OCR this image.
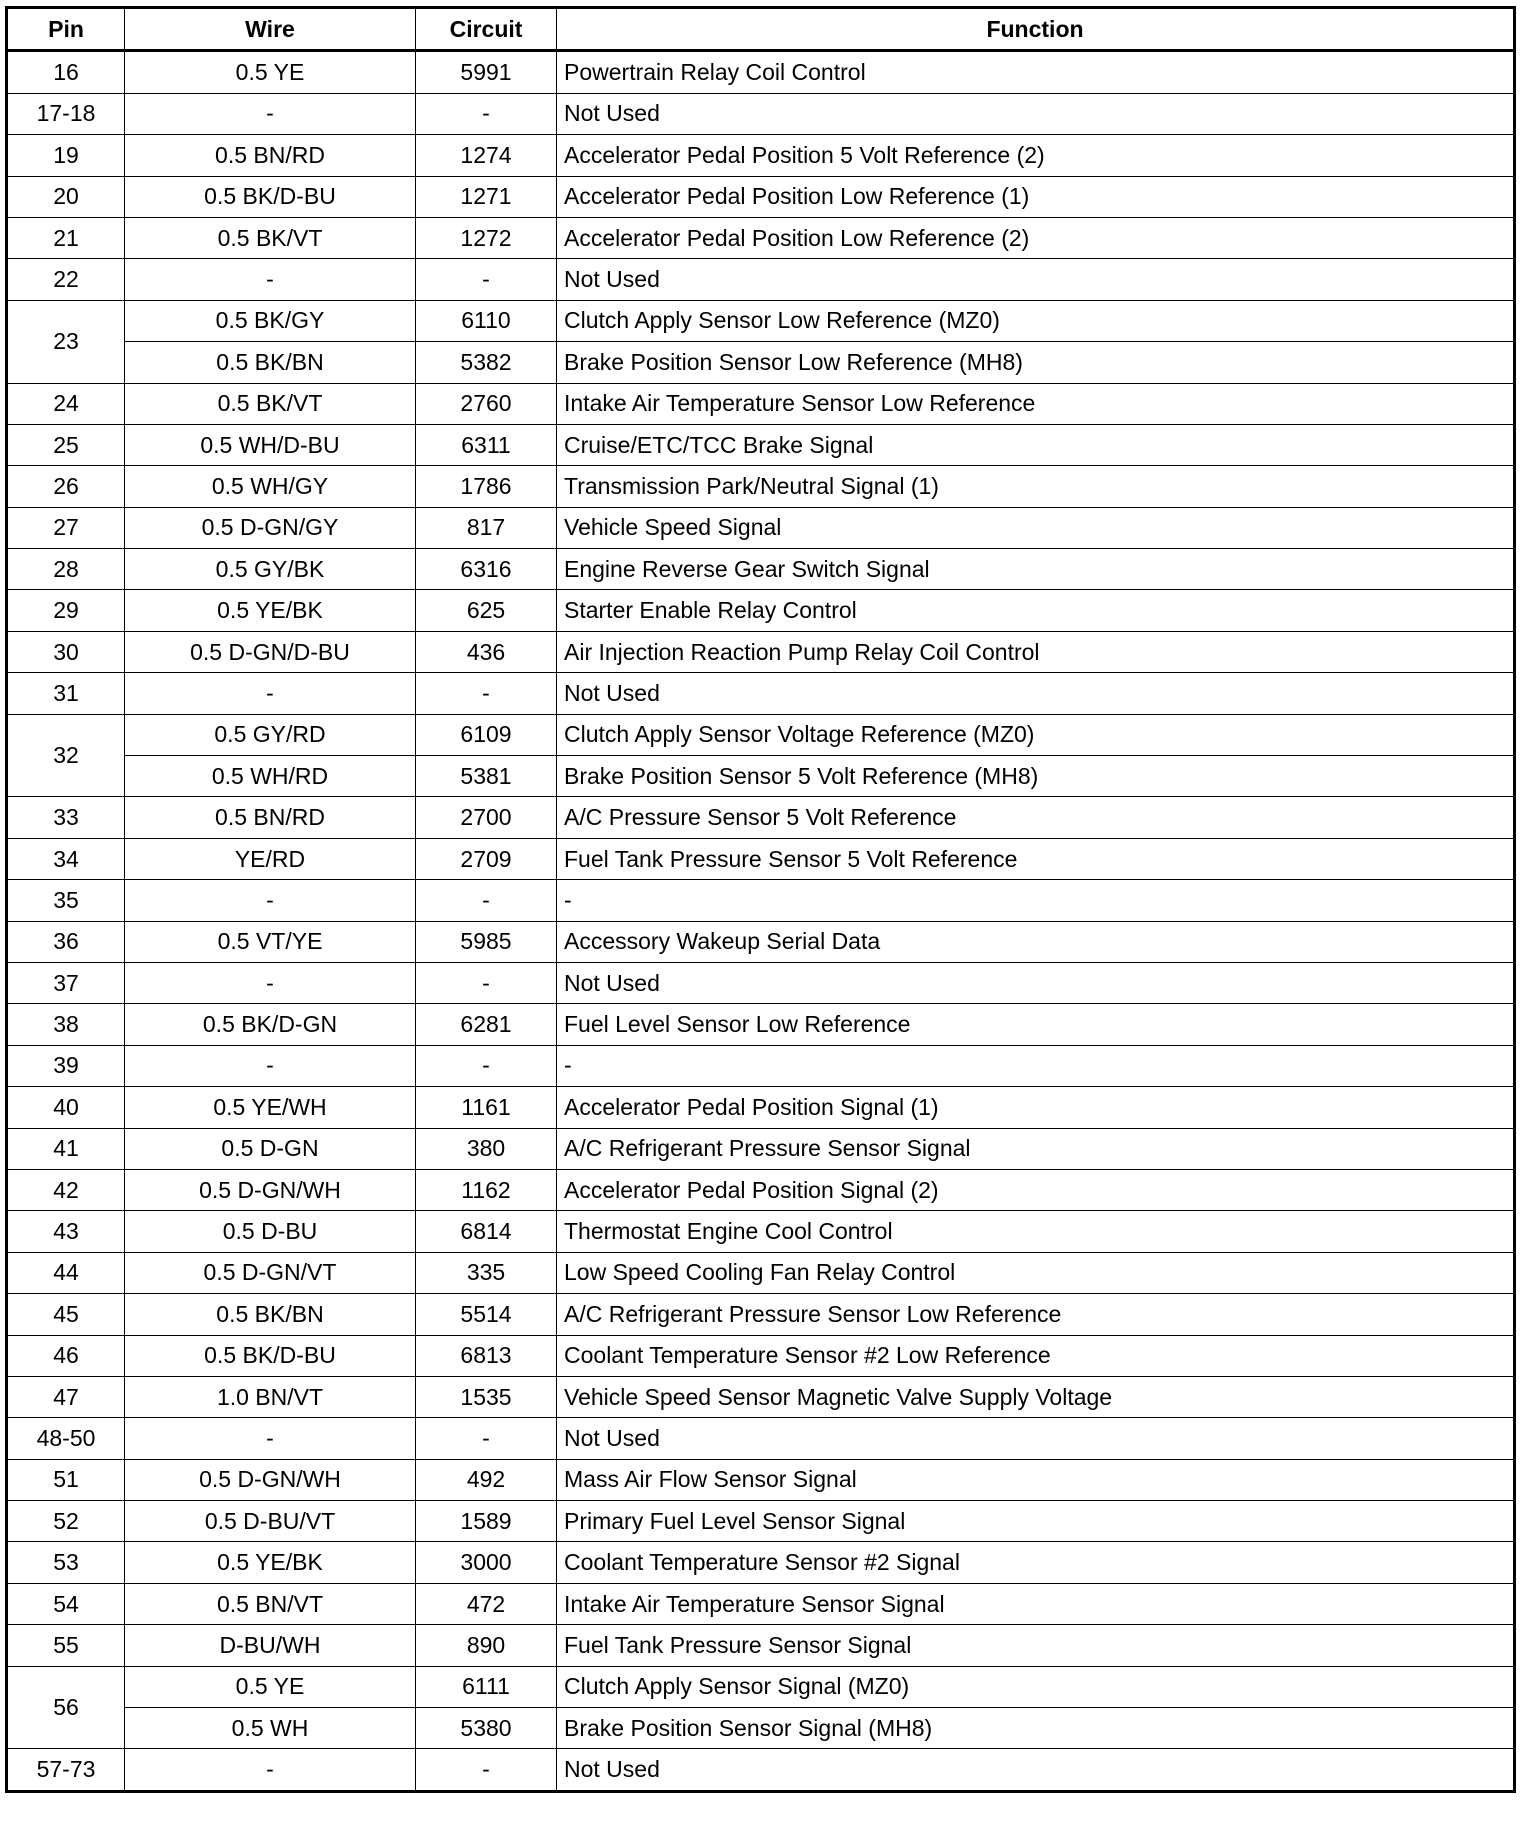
Pin	Wire	Circuit	Function
16	0.5 YE	5991	Powertrain Relay Coil Control
17-18	-	-	Not Used
19	0.5 BN/RD	1274	Accelerator Pedal Position 5 Volt Reference (2)
20	0.5 BK/D-BU	1271	Accelerator Pedal Position Low Reference (1)
21	0.5 BK/VT	1272	Accelerator Pedal Position Low Reference (2)
22	-	-	Not Used
23	0.5 BK/GY	6110	Clutch Apply Sensor Low Reference (MZ0)
	0.5 BK/BN	5382	Brake Position Sensor Low Reference (MH8)
24	0.5 BK/VT	2760	Intake Air Temperature Sensor Low Reference
25	0.5 WH/D-BU	6311	Cruise/ETC/TCC Brake Signal
26	0.5 WH/GY	1786	Transmission Park/Neutral Signal (1)
27	0.5 D-GN/GY	817	Vehicle Speed Signal
28	0.5 GY/BK	6316	Engine Reverse Gear Switch Signal
29	0.5 YE/BK	625	Starter Enable Relay Control
30	0.5 D-GN/D-BU	436	Air Injection Reaction Pump Relay Coil Control
31	-	-	Not Used
32	0.5 GY/RD	6109	Clutch Apply Sensor Voltage Reference (MZ0)
	0.5 WH/RD	5381	Brake Position Sensor 5 Volt Reference (MH8)
33	0.5 BN/RD	2700	A/C Pressure Sensor 5 Volt Reference
34	YE/RD	2709	Fuel Tank Pressure Sensor 5 Volt Reference
35	-	-	-
36	0.5 VT/YE	5985	Accessory Wakeup Serial Data
37	-	-	Not Used
38	0.5 BK/D-GN	6281	Fuel Level Sensor Low Reference
39	-	-	-
40	0.5 YE/WH	1161	Accelerator Pedal Position Signal (1)
41	0.5 D-GN	380	A/C Refrigerant Pressure Sensor Signal
42	0.5 D-GN/WH	1162	Accelerator Pedal Position Signal (2)
43	0.5 D-BU	6814	Thermostat Engine Cool Control
44	0.5 D-GN/VT	335	Low Speed Cooling Fan Relay Control
45	0.5 BK/BN	5514	A/C Refrigerant Pressure Sensor Low Reference
46	0.5 BK/D-BU	6813	Coolant Temperature Sensor #2 Low Reference
47	1.0 BN/VT	1535	Vehicle Speed Sensor Magnetic Valve Supply Voltage
48-50	-	-	Not Used
51	0.5 D-GN/WH	492	Mass Air Flow Sensor Signal
52	0.5 D-BU/VT	1589	Primary Fuel Level Sensor Signal
53	0.5 YE/BK	3000	Coolant Temperature Sensor #2 Signal
54	0.5 BN/VT	472	Intake Air Temperature Sensor Signal
55	D-BU/WH	890	Fuel Tank Pressure Sensor Signal
56	0.5 YE	6111	Clutch Apply Sensor Signal (MZ0)
	0.5 WH	5380	Brake Position Sensor Signal (MH8)
57-73	-	-	Not Used
